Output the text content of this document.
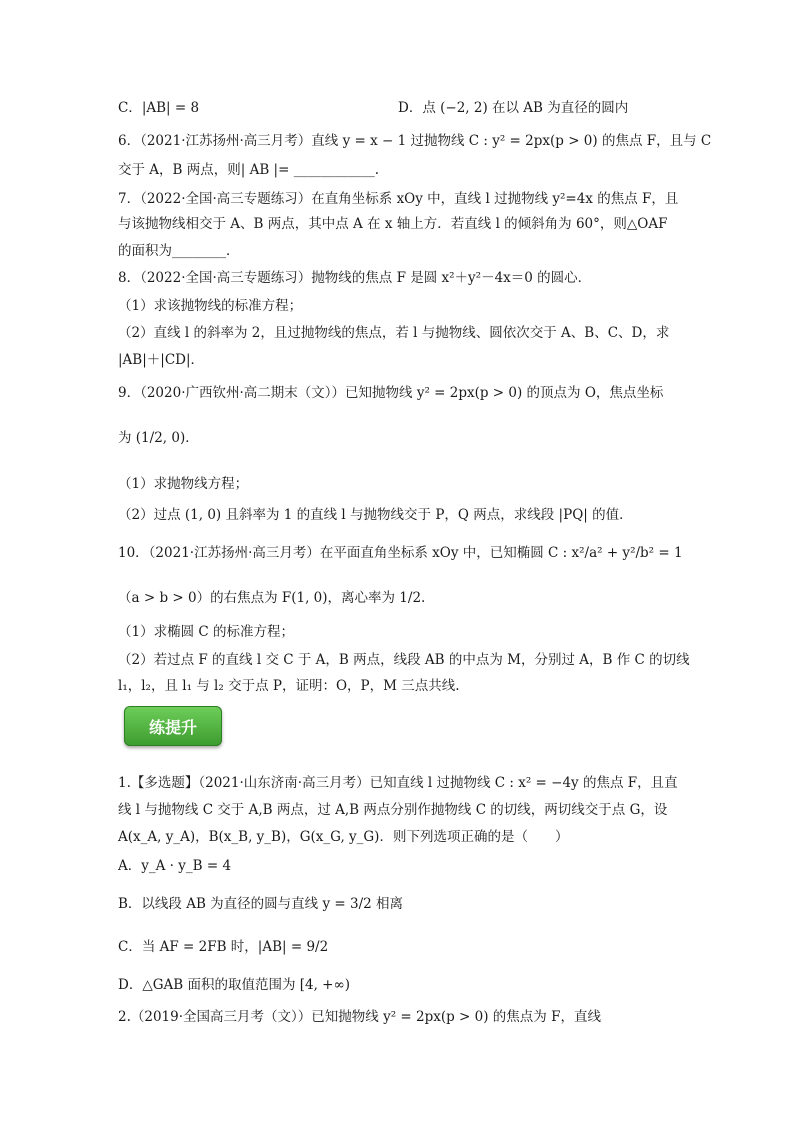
C．|AB| = 8	D．点 (−2, 2) 在以 AB 为直径的圆内
6．（2021·江苏扬州·高三月考）直线 y = x − 1 过抛物线 C : y² = 2px(p > 0) 的焦点 F，且与 C
交于 A，B 两点，则| AB |= ____________.
7．（2022·全国·高三专题练习）在直角坐标系 xOy 中，直线 l 过抛物线 y²=4x 的焦点 F，且
与该抛物线相交于 A、B 两点，其中点 A 在 x 轴上方．若直线 l 的倾斜角为 60°，则△OAF
的面积为________．
8．（2022·全国·高三专题练习）抛物线的焦点 F 是圆 x²＋y²－4x＝0 的圆心．
（1）求该抛物线的标准方程；
（2）直线 l 的斜率为 2，且过抛物线的焦点，若 l 与抛物线、圆依次交于 A、B、C、D，求
|AB|＋|CD|．
9．（2020·广西钦州·高二期末（文））已知抛物线 y² = 2px(p > 0) 的顶点为 O，焦点坐标
为 (1/2, 0)．
（1）求抛物线方程；
（2）过点 (1, 0) 且斜率为 1 的直线 l 与抛物线交于 P，Q 两点，求线段 |PQ| 的值．
10．（2021·江苏扬州·高三月考）在平面直角坐标系 xOy 中，已知椭圆 C : x²/a² + y²/b² = 1
（a > b > 0）的右焦点为 F(1, 0)，离心率为 1/2.
（1）求椭圆 C 的标准方程；
（2）若过点 F 的直线 l 交 C 于 A，B 两点，线段 AB 的中点为 M，分别过 A，B 作 C 的切线
l₁，l₂，且 l₁ 与 l₂ 交于点 P，证明：O，P，M 三点共线.
1.【多选题】（2021·山东济南·高三月考）已知直线 l 过抛物线 C : x² = −4y 的焦点 F，且直
线 l 与抛物线 C 交于 A,B 两点，过 A,B 两点分别作抛物线 C 的切线，两切线交于点 G，设
A(x_A, y_A)，B(x_B, y_B)，G(x_G, y_G)．则下列选项正确的是（　　）
A．y_A · y_B = 4
B．以线段 AB 为直径的圆与直线 y = 3/2 相离
C．当 AF = 2FB 时，|AB| = 9/2
D．△GAB 面积的取值范围为 [4, +∞)
2.（2019·全国高三月考（文））已知抛物线 y² = 2px(p > 0) 的焦点为 F，直线
练提升
